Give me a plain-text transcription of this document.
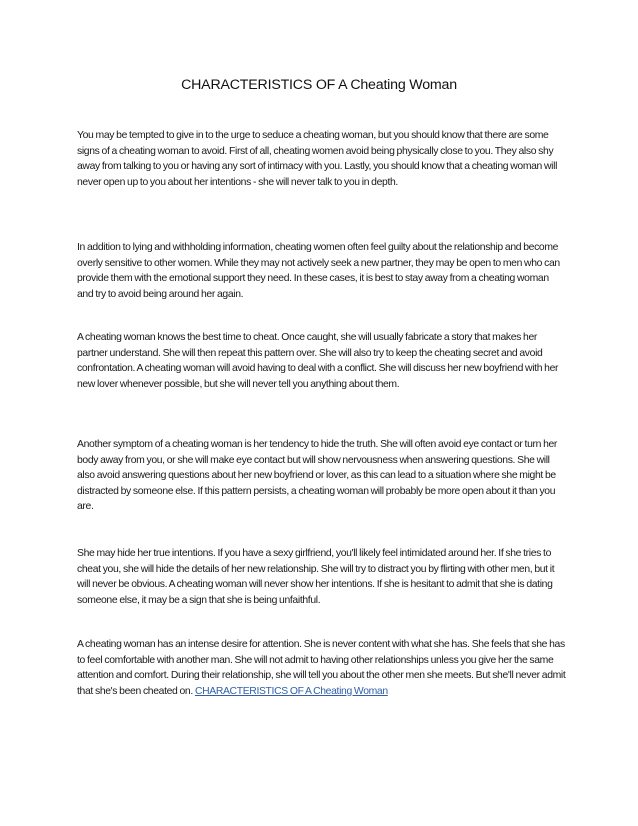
CHARACTERISTICS OF A Cheating Woman

You may be tempted to give in to the urge to seduce a cheating woman, but you should know that there are some signs of a cheating woman to avoid. First of all, cheating women avoid being physically close to you. They also shy away from talking to you or having any sort of intimacy with you. Lastly, you should know that a cheating woman will never open up to you about her intentions - she will never talk to you in depth.

In addition to lying and withholding information, cheating women often feel guilty about the relationship and become overly sensitive to other women. While they may not actively seek a new partner, they may be open to men who can provide them with the emotional support they need. In these cases, it is best to stay away from a cheating woman and try to avoid being around her again.

A cheating woman knows the best time to cheat. Once caught, she will usually fabricate a story that makes her partner understand. She will then repeat this pattern over. She will also try to keep the cheating secret and avoid confrontation. A cheating woman will avoid having to deal with a conflict. She will discuss her new boyfriend with her new lover whenever possible, but she will never tell you anything about them.

Another symptom of a cheating woman is her tendency to hide the truth. She will often avoid eye contact or turn her body away from you, or she will make eye contact but will show nervousness when answering questions. She will also avoid answering questions about her new boyfriend or lover, as this can lead to a situation where she might be distracted by someone else. If this pattern persists, a cheating woman will probably be more open about it than you are.

She may hide her true intentions. If you have a sexy girlfriend, you'll likely feel intimidated around her. If she tries to cheat you, she will hide the details of her new relationship. She will try to distract you by flirting with other men, but it will never be obvious. A cheating woman will never show her intentions. If she is hesitant to admit that she is dating someone else, it may be a sign that she is being unfaithful.

A cheating woman has an intense desire for attention. She is never content with what she has. She feels that she has to feel comfortable with another man. She will not admit to having other relationships unless you give her the same attention and comfort. During their relationship, she will tell you about the other men she meets. But she'll never admit that she's been cheated on. CHARACTERISTICS OF A Cheating Woman
